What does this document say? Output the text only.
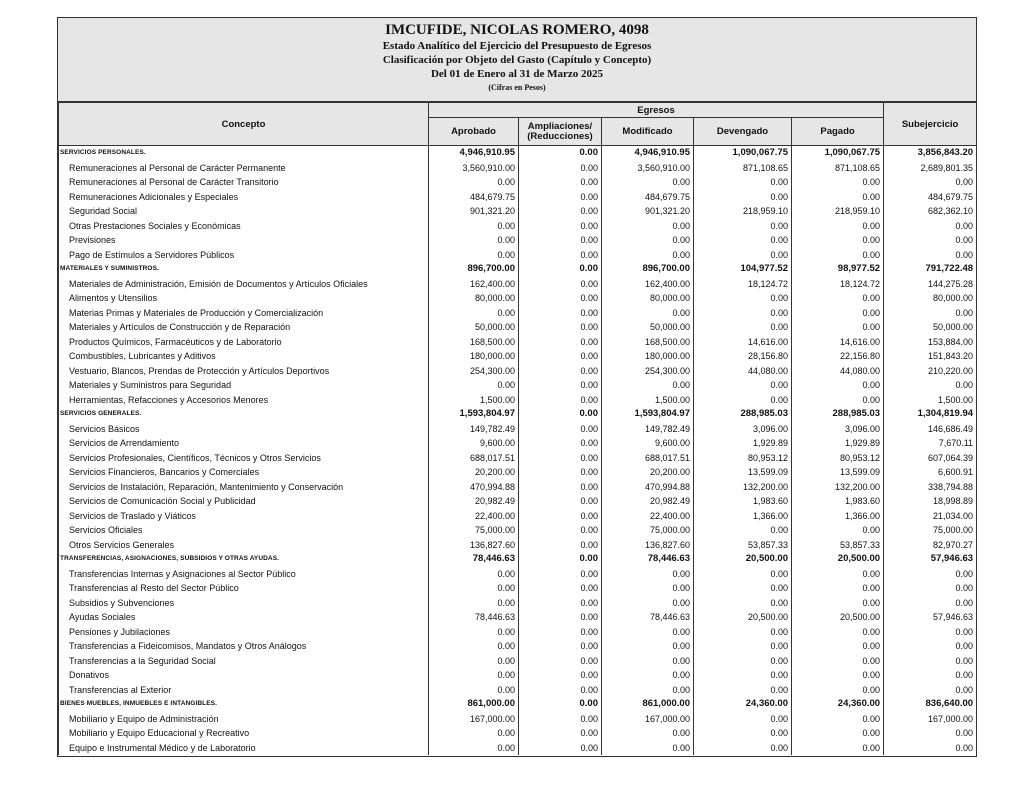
IMCUFIDE, NICOLAS ROMERO, 4098
Estado Analítico del Ejercicio del Presupuesto de Egresos
Clasificación por Objeto del Gasto (Capítulo y Concepto)
Del 01 de Enero al 31 de Marzo 2025
(Cifras en Pesos)
Concepto	Egresos					Subejercicio
	Aprobado	Ampliaciones/ (Reducciones)	Modificado	Devengado	Pagado	
SERVICIOS PERSONALES.	4,946,910.95	0.00	4,946,910.95	1,090,067.75	1,090,067.75	3,856,843.20
Remuneraciones al Personal de Carácter Permanente	3,560,910.00	0.00	3,560,910.00	871,108.65	871,108.65	2,689,801.35
Remuneraciones al Personal de Carácter Transitorio	0.00	0.00	0.00	0.00	0.00	0.00
Remuneraciones Adicionales y Especiales	484,679.75	0.00	484,679.75	0.00	0.00	484,679.75
Seguridad Social	901,321.20	0.00	901,321.20	218,959.10	218,959.10	682,362.10
Otras Prestaciones Sociales y Económicas	0.00	0.00	0.00	0.00	0.00	0.00
Previsiones	0.00	0.00	0.00	0.00	0.00	0.00
Pago de Estímulos a Servidores Públicos	0.00	0.00	0.00	0.00	0.00	0.00
MATERIALES Y SUMINISTROS.	896,700.00	0.00	896,700.00	104,977.52	98,977.52	791,722.48
Materiales de Administración, Emisión de Documentos y Artículos Oficiales	162,400.00	0.00	162,400.00	18,124.72	18,124.72	144,275.28
Alimentos y Utensilios	80,000.00	0.00	80,000.00	0.00	0.00	80,000.00
Materias Primas y Materiales de Producción y Comercialización	0.00	0.00	0.00	0.00	0.00	0.00
Materiales y Artículos de Construcción y de Reparación	50,000.00	0.00	50,000.00	0.00	0.00	50,000.00
Productos Químicos, Farmacéuticos y de Laboratorio	168,500.00	0.00	168,500.00	14,616.00	14,616.00	153,884.00
Combustibles, Lubricantes y Aditivos	180,000.00	0.00	180,000.00	28,156.80	22,156.80	151,843.20
Vestuario, Blancos, Prendas de Protección y Artículos Deportivos	254,300.00	0.00	254,300.00	44,080.00	44,080.00	210,220.00
Materiales y Suministros para Seguridad	0.00	0.00	0.00	0.00	0.00	0.00
Herramientas, Refacciones y Accesorios Menores	1,500.00	0.00	1,500.00	0.00	0.00	1,500.00
SERVICIOS GENERALES.	1,593,804.97	0.00	1,593,804.97	288,985.03	288,985.03	1,304,819.94
Servicios Básicos	149,782.49	0.00	149,782.49	3,096.00	3,096.00	146,686.49
Servicios de Arrendamiento	9,600.00	0.00	9,600.00	1,929.89	1,929.89	7,670.11
Servicios Profesionales, Científicos, Técnicos y Otros Servicios	688,017.51	0.00	688,017.51	80,953.12	80,953.12	607,064.39
Servicios Financieros, Bancarios y Comerciales	20,200.00	0.00	20,200.00	13,599.09	13,599.09	6,600.91
Servicios de Instalación, Reparación, Mantenimiento y Conservación	470,994.88	0.00	470,994.88	132,200.00	132,200.00	338,794.88
Servicios de Comunicación Social y Publicidad	20,982.49	0.00	20,982.49	1,983.60	1,983.60	18,998.89
Servicios de Traslado y Viáticos	22,400.00	0.00	22,400.00	1,366.00	1,366.00	21,034.00
Servicios Oficiales	75,000.00	0.00	75,000.00	0.00	0.00	75,000.00
Otros Servicios Generales	136,827.60	0.00	136,827.60	53,857.33	53,857.33	82,970.27
TRANSFERENCIAS, ASIGNACIONES, SUBSIDIOS Y OTRAS AYUDAS.	78,446.63	0.00	78,446.63	20,500.00	20,500.00	57,946.63
Transferencias Internas y Asignaciones al Sector Público	0.00	0.00	0.00	0.00	0.00	0.00
Transferencias al Resto del Sector Público	0.00	0.00	0.00	0.00	0.00	0.00
Subsidios y Subvenciones	0.00	0.00	0.00	0.00	0.00	0.00
Ayudas Sociales	78,446.63	0.00	78,446.63	20,500.00	20,500.00	57,946.63
Pensiones y Jubilaciones	0.00	0.00	0.00	0.00	0.00	0.00
Transferencias a Fideicomisos, Mandatos y Otros Análogos	0.00	0.00	0.00	0.00	0.00	0.00
Transferencias a la Seguridad Social	0.00	0.00	0.00	0.00	0.00	0.00
Donativos	0.00	0.00	0.00	0.00	0.00	0.00
Transferencias al Exterior	0.00	0.00	0.00	0.00	0.00	0.00
BIENES MUEBLES, INMUEBLES E INTANGIBLES.	861,000.00	0.00	861,000.00	24,360.00	24,360.00	836,640.00
Mobiliario y Equipo de Administración	167,000.00	0.00	167,000.00	0.00	0.00	167,000.00
Mobiliario y Equipo Educacional y Recreativo	0.00	0.00	0.00	0.00	0.00	0.00
Equipo e Instrumental Médico y de Laboratorio	0.00	0.00	0.00	0.00	0.00	0.00
